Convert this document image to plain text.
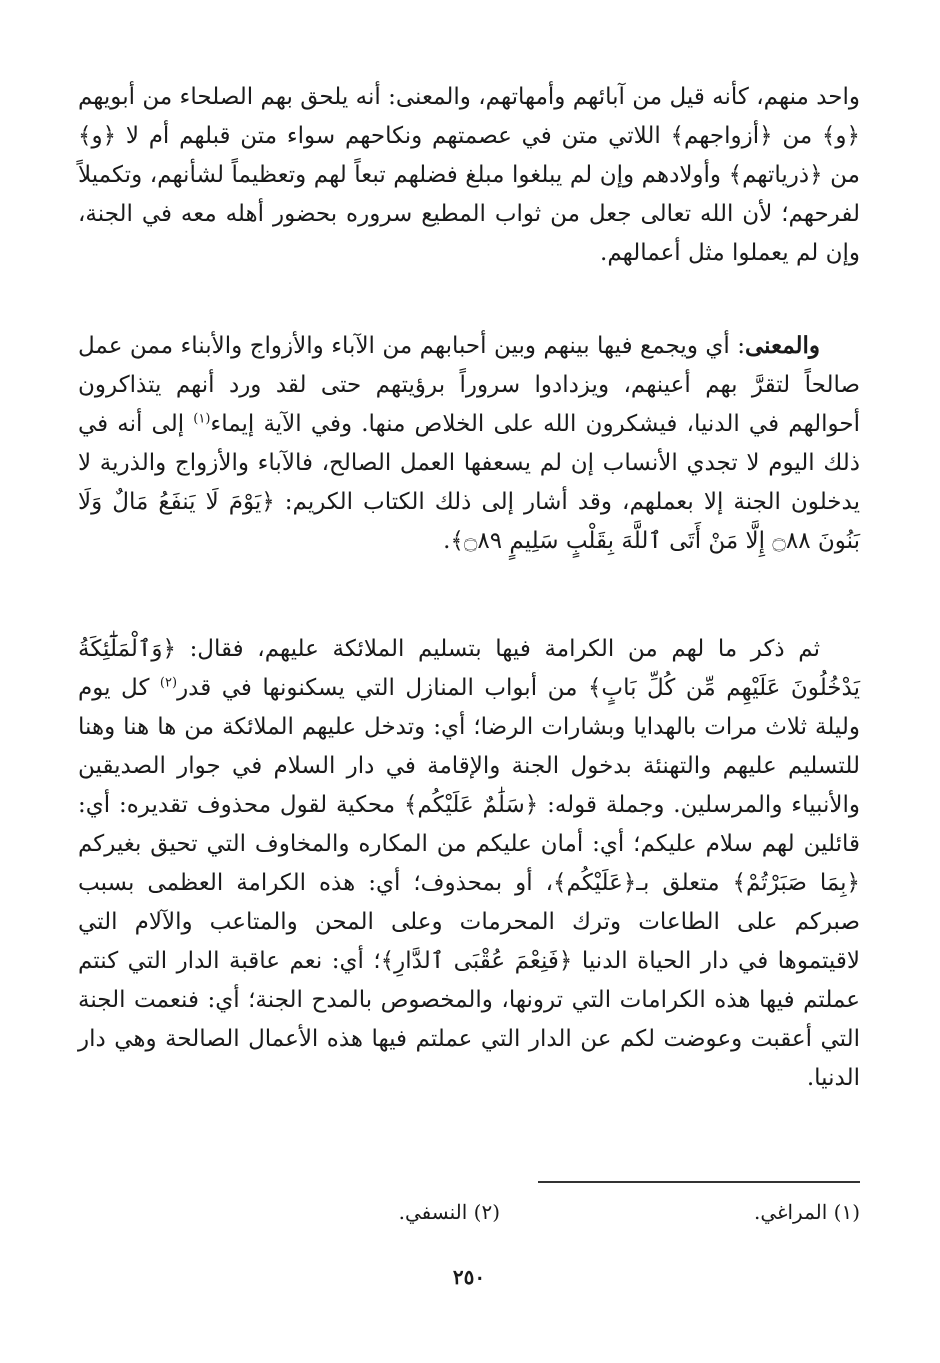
واحد منهم، كأنه قيل من آبائهم وأمهاتهم، والمعنى: أنه يلحق بهم الصلحاء من أبويهم ﴿و﴾ من ﴿أزواجهم﴾ اللاتي متن في عصمتهم ونكاحهم سواء متن قبلهم أم لا ﴿و﴾ من ﴿ذرياتهم﴾ وأولادهم وإن لم يبلغوا مبلغ فضلهم تبعاً لهم وتعظيماً لشأنهم، وتكميلاً لفرحهم؛ لأن الله تعالى جعل من ثواب المطيع سروره بحضور أهله معه في الجنة، وإن لم يعملوا مثل أعمالهم.

والمعنى: أي ويجمع فيها بينهم وبين أحبابهم من الآباء والأزواج والأبناء ممن عمل صالحاً لتقرَّ بهم أعينهم، ويزدادوا سروراً برؤيتهم حتى لقد ورد أنهم يتذاكرون أحوالهم في الدنيا، فيشكرون الله على الخلاص منها. وفي الآية إيماء$^{(١)}$ إلى أنه في ذلك اليوم لا تجدي الأنساب إن لم يسعفها العمل الصالح، فالآباء والأزواج والذرية لا يدخلون الجنة إلا بعملهم، وقد أشار إلى ذلك الكتاب الكريم: ﴿يَوْمَ لَا يَنفَعُ مَالٌ وَلَا بَنُونَ ۝٨٨ إِلَّا مَنْ أَتَى ٱللَّهَ بِقَلْبٍ سَلِيمٍ ۝٨٩﴾.

ثم ذكر ما لهم من الكرامة فيها بتسليم الملائكة عليهم، فقال: ﴿وَٱلْمَلَٰٓئِكَةُ يَدْخُلُونَ عَلَيْهِم مِّن كُلِّ بَابٍ﴾ من أبواب المنازل التي يسكنونها في قدر$^{(٢)}$ كل يوم وليلة ثلاث مرات بالهدايا وبشارات الرضا؛ أي: وتدخل عليهم الملائكة من ها هنا وهنا للتسليم عليهم والتهنئة بدخول الجنة والإقامة في دار السلام في جوار الصديقين والأنبياء والمرسلين. وجملة قوله: ﴿سَلَٰمٌ عَلَيْكُم﴾ محكية لقول محذوف تقديره: أي: قائلين لهم سلام عليكم؛ أي: أمان عليكم من المكاره والمخاوف التي تحيق بغيركم ﴿بِمَا صَبَرْتُمْ﴾ متعلق بـ﴿عَلَيْكُم﴾، أو بمحذوف؛ أي: هذه الكرامة العظمى بسبب صبركم على الطاعات وترك المحرمات وعلى المحن والمتاعب والآلام التي لاقيتموها في دار الحياة الدنيا ﴿فَنِعْمَ عُقْبَى ٱلدَّارِ﴾؛ أي: نعم عاقبة الدار التي كنتم عملتم فيها هذه الكرامات التي ترونها، والمخصوص بالمدح الجنة؛ أي: فنعمت الجنة التي أعقبت وعوضت لكم عن الدار التي عملتم فيها هذه الأعمال الصالحة وهي دار الدنيا.

(١) المراغي.
(٢) النسفي.
٢٥٠
